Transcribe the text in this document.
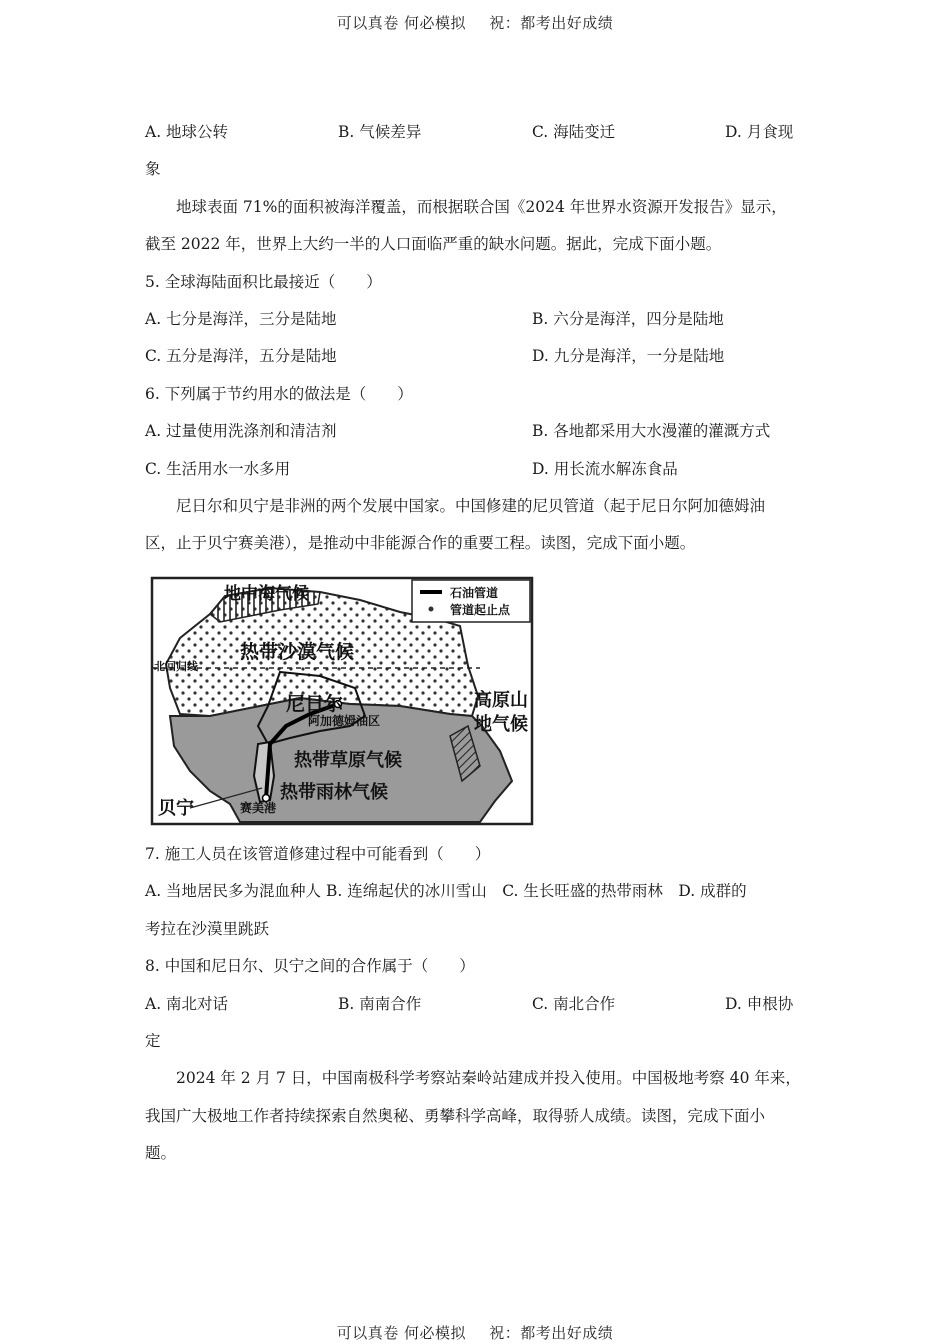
可以真卷 何必模拟 祝：都考出好成绩
A. 地球公转	B. 气候差异	C. 海陆变迁	D. 月食现
象
地球表面 71%的面积被海洋覆盖，而根据联合国《2024 年世界水资源开发报告》显示，
截至 2022 年，世界上大约一半的人口面临严重的缺水问题。据此，完成下面小题。
5. 全球海陆面积比最接近（　　）
A. 七分是海洋，三分是陆地	B. 六分是海洋，四分是陆地
C. 五分是海洋，五分是陆地	D. 九分是海洋，一分是陆地
6. 下列属于节约用水的做法是（　　）
A. 过量使用洗涤剂和清洁剂	B. 各地都采用大水漫灌的灌溉方式
C. 生活用水一水多用	D. 用长流水解冻食品
尼日尔和贝宁是非洲的两个发展中国家。中国修建的尼贝管道（起于尼日尔阿加德姆油
区，止于贝宁赛美港），是推动中非能源合作的重要工程。读图，完成下面小题。
石油管道
管道起止点
地中海气候
热带沙漠气候
北回归线
尼日尔
阿加德姆油区
高原山
地气候
热带草原气候
热带雨林气候
贝宁	赛美港
7. 施工人员在该管道修建过程中可能看到（　　）
A. 当地居民多为混血种人 B. 连绵起伏的冰川雪山　C. 生长旺盛的热带雨林　D. 成群的
考拉在沙漠里跳跃
8. 中国和尼日尔、贝宁之间的合作属于（　　）
A. 南北对话	B. 南南合作	C. 南北合作	D. 申根协
定
2024 年 2 月 7 日，中国南极科学考察站秦岭站建成并投入使用。中国极地考察 40 年来，
我国广大极地工作者持续探索自然奥秘、勇攀科学高峰，取得骄人成绩。读图，完成下面小
题。
可以真卷 何必模拟 祝：都考出好成绩
